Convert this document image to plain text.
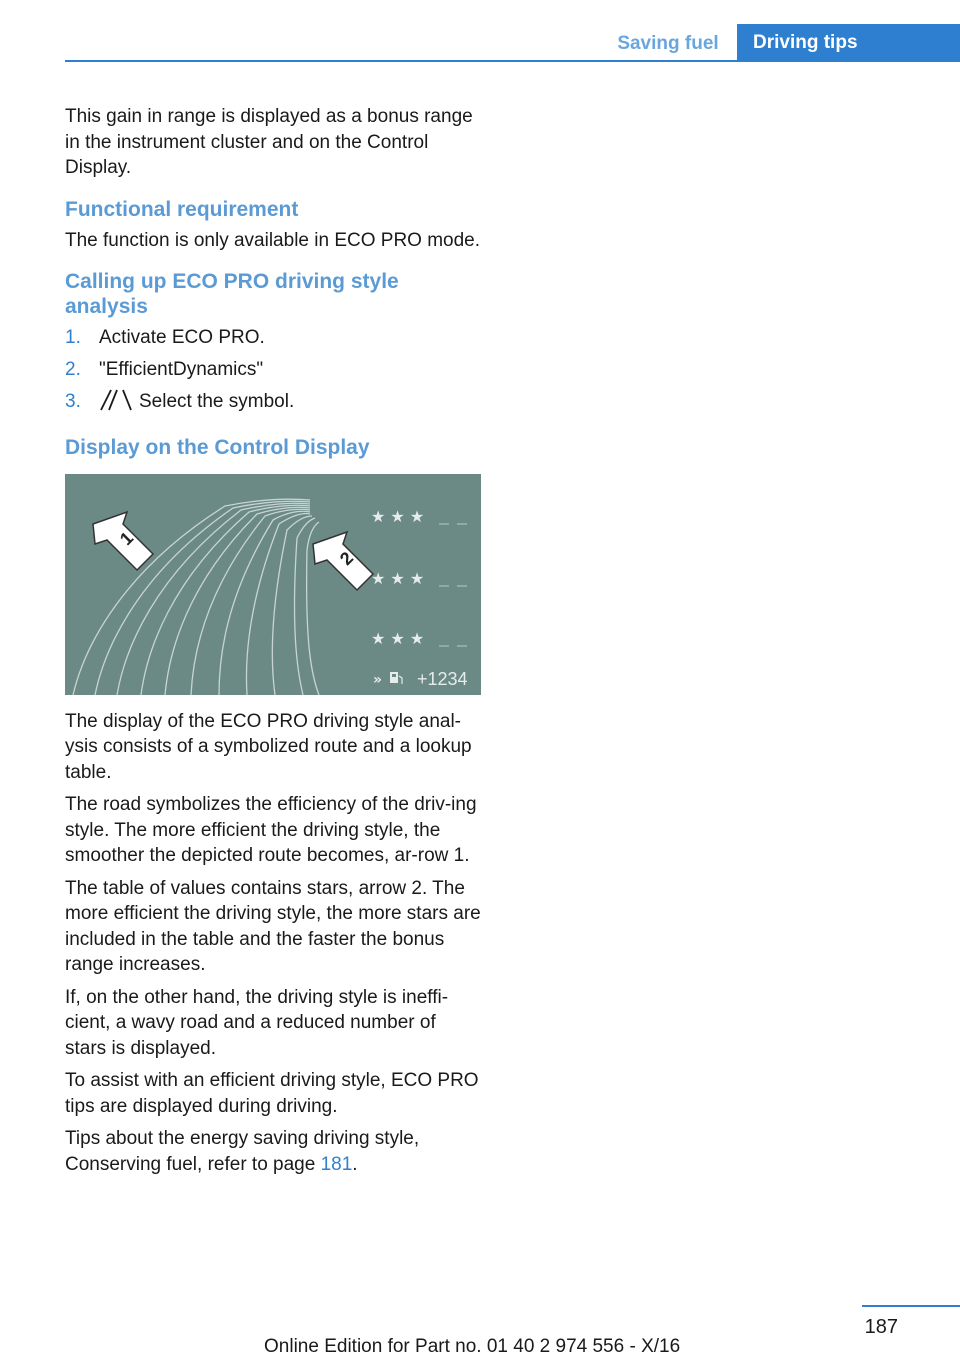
Saving fuel	Driving tips

This gain in range is displayed as a bonus range in the instrument cluster and on the Control Display.

Functional requirement

The function is only available in ECO PRO mode.

Calling up ECO PRO driving style analysis
1. Activate ECO PRO.
2. "EfficientDynamics"
3.	Select the symbol.
Display on the Control Display
1
2
★ ★ ★
★ ★ ★
★ ★ ★
» +1234

The display of the ECO PRO driving style anal‐ysis consists of a symbolized route and a lookup table.

The road symbolizes the efficiency of the driv‐ing style. The more efficient the driving style, the smoother the depicted route becomes, ar‐row 1.

The table of values contains stars, arrow 2. The more efficient the driving style, the more stars are included in the table and the faster the bonus range increases.

If, on the other hand, the driving style is ineffi‐cient, a wavy road and a reduced number of stars is displayed.

To assist with an efficient driving style, ECO PRO tips are displayed during driving.

Tips about the energy saving driving style, Conserving fuel, refer to page 181.

187
Online Edition for Part no. 01 40 2 974 556 - X/16
